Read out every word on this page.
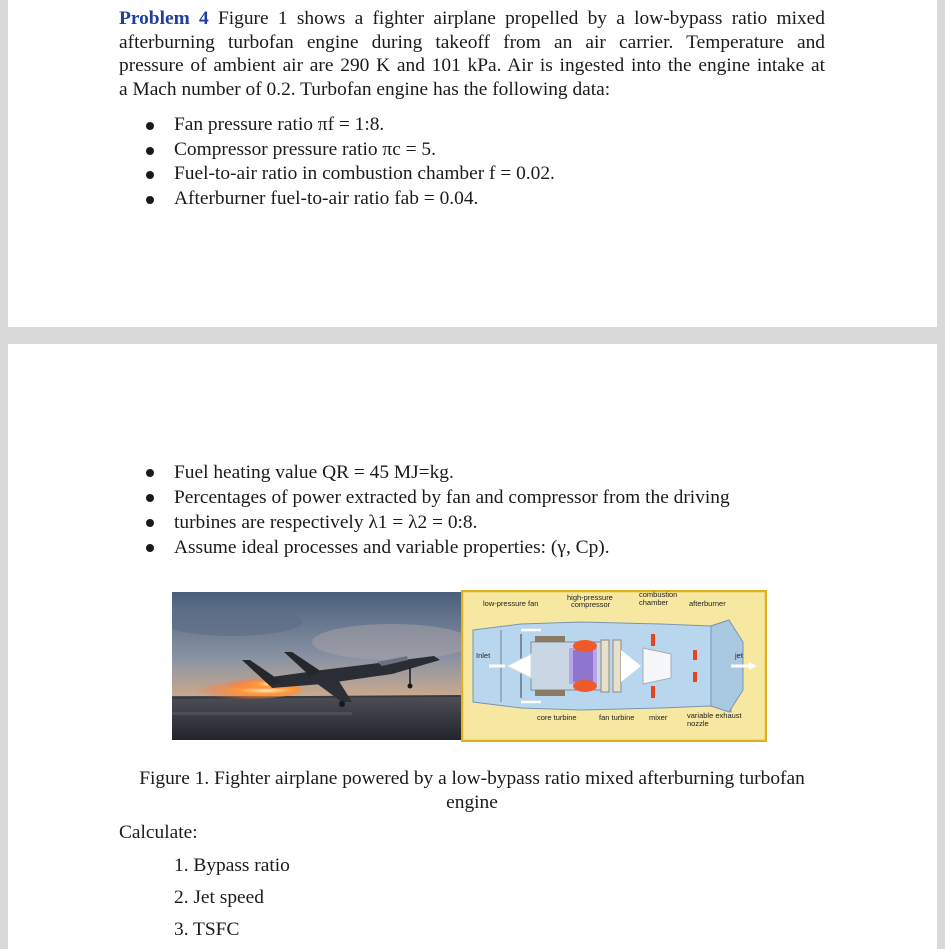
Problem 4 Figure 1 shows a fighter airplane propelled by a low-bypass ratio mixed
afterburning turbofan engine during takeoff from an air carrier. Temperature and
pressure of ambient air are 290 K and 101 kPa. Air is ingested into the engine intake at
a Mach number of 0.2. Turbofan engine has the following data:
Fan pressure ratio πf = 1:8.
Compressor pressure ratio πc = 5.
Fuel-to-air ratio in combustion chamber f = 0.02.
Afterburner fuel-to-air ratio fab = 0.04.
Fuel heating value QR = 45 MJ=kg.
Percentages of power extracted by fan and compressor from the driving
turbines are respectively λ1 = λ2 = 0:8.
Assume ideal processes and variable properties: (γ, Cp).
low-pressure fan
high-pressure
compressor
combustion
chamber	afterburner
Inlet	jet
core turbine	fan turbine mixer	variable exhaust
nozzle
Figure 1. Fighter airplane powered by a low-bypass ratio mixed afterburning turbofan
engine
Calculate:
1. Bypass ratio
2. Jet speed
3. TSFC
